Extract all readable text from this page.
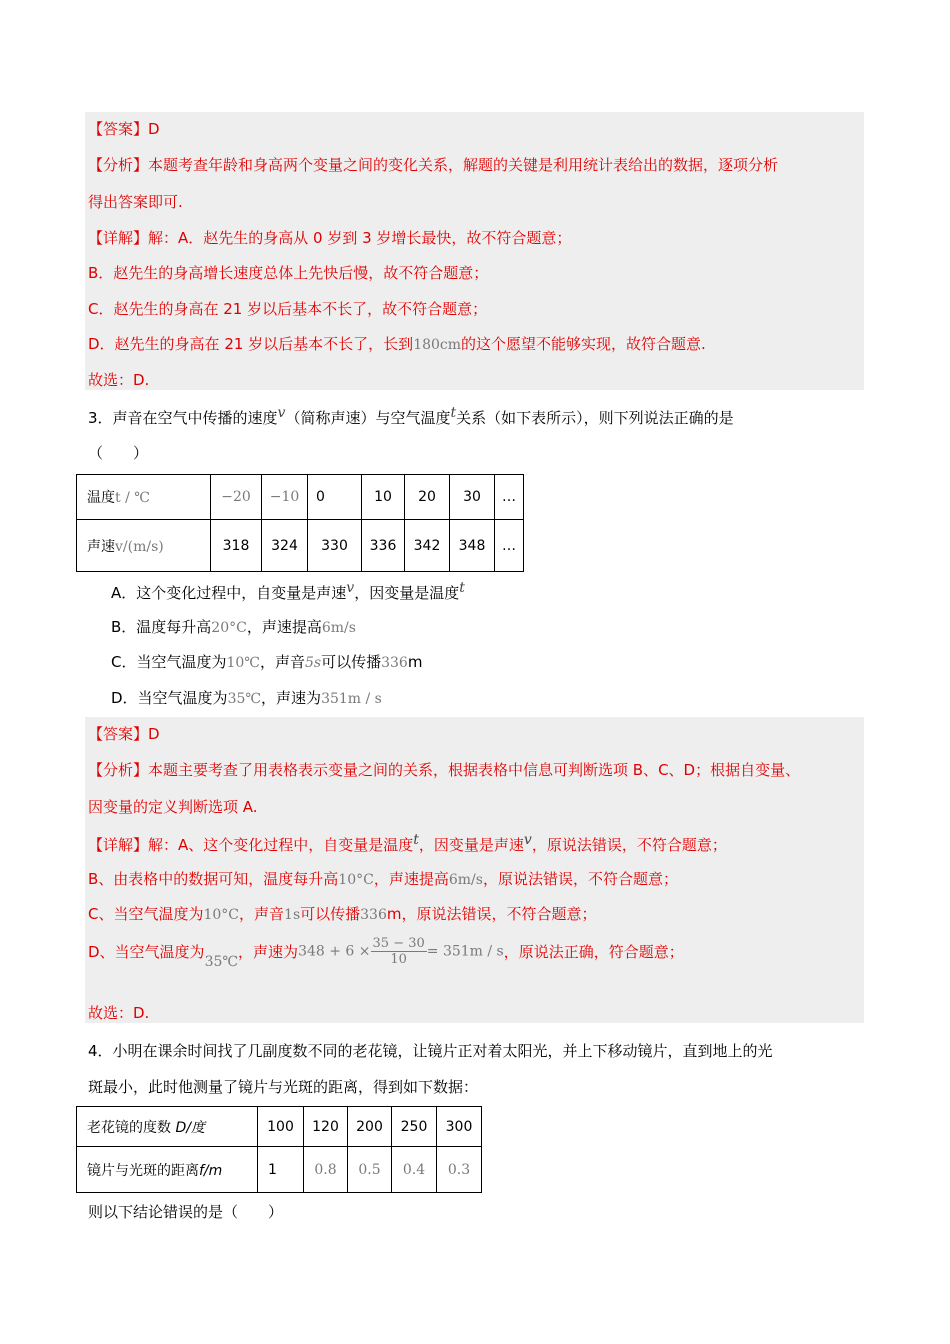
【答案】D
【分析】本题考查年龄和身高两个变量之间的变化关系，解题的关键是利用统计表给出的数据，逐项分析
得出答案即可.
【详解】解：A．赵先生的身高从 0 岁到 3 岁增长最快，故不符合题意；
B．赵先生的身高增长速度总体上先快后慢，故不符合题意；
C．赵先生的身高在 21 岁以后基本不长了，故不符合题意；
D．赵先生的身高在 21 岁以后基本不长了，长到180cm的这个愿望不能够实现，故符合题意.
故选：D.
3．声音在空气中传播的速度$^v$（简称声速）与空气温度$^t$关系（如下表所示），则下列说法正确的是
（　　）
温度t / ℃	−20	−10	0	10	20	30	…
声速v/(m/s)	318	324	330	336	342	348	…
A．这个变化过程中，自变量是声速$^v$，因变量是温度$^t$
B．温度每升高20°C，声速提高6m/s
C．当空气温度为10℃，声音5s可以传播336m
D．当空气温度为35℃，声速为351m / s
【答案】D
【分析】本题主要考查了用表格表示变量之间的关系，根据表格中信息可判断选项 B、C、D；根据自变量、
因变量的定义判断选项 A.
【详解】解：A、这个变化过程中，自变量是温度$^t$，因变量是声速$^v$，原说法错误，不符合题意；
B、由表格中的数据可知，温度每升高10°C，声速提高6m/s，原说法错误，不符合题意；
C、当空气温度为10°C，声音1s可以传播336m，原说法错误，不符合题意；
D、当空气温度为35℃，声速为$348 + 6 \times \frac{35 - 30}{10} = 351m / s$，原说法正确，符合题意；
故选：D.
4．小明在课余时间找了几副度数不同的老花镜，让镜片正对着太阳光，并上下移动镜片，直到地上的光
斑最小，此时他测量了镜片与光斑的距离，得到如下数据：
老花镜的度数 D/度	100	120	200	250	300
镜片与光斑的距离f/m	1	0.8	0.5	0.4	0.3
则以下结论错误的是（　　）
